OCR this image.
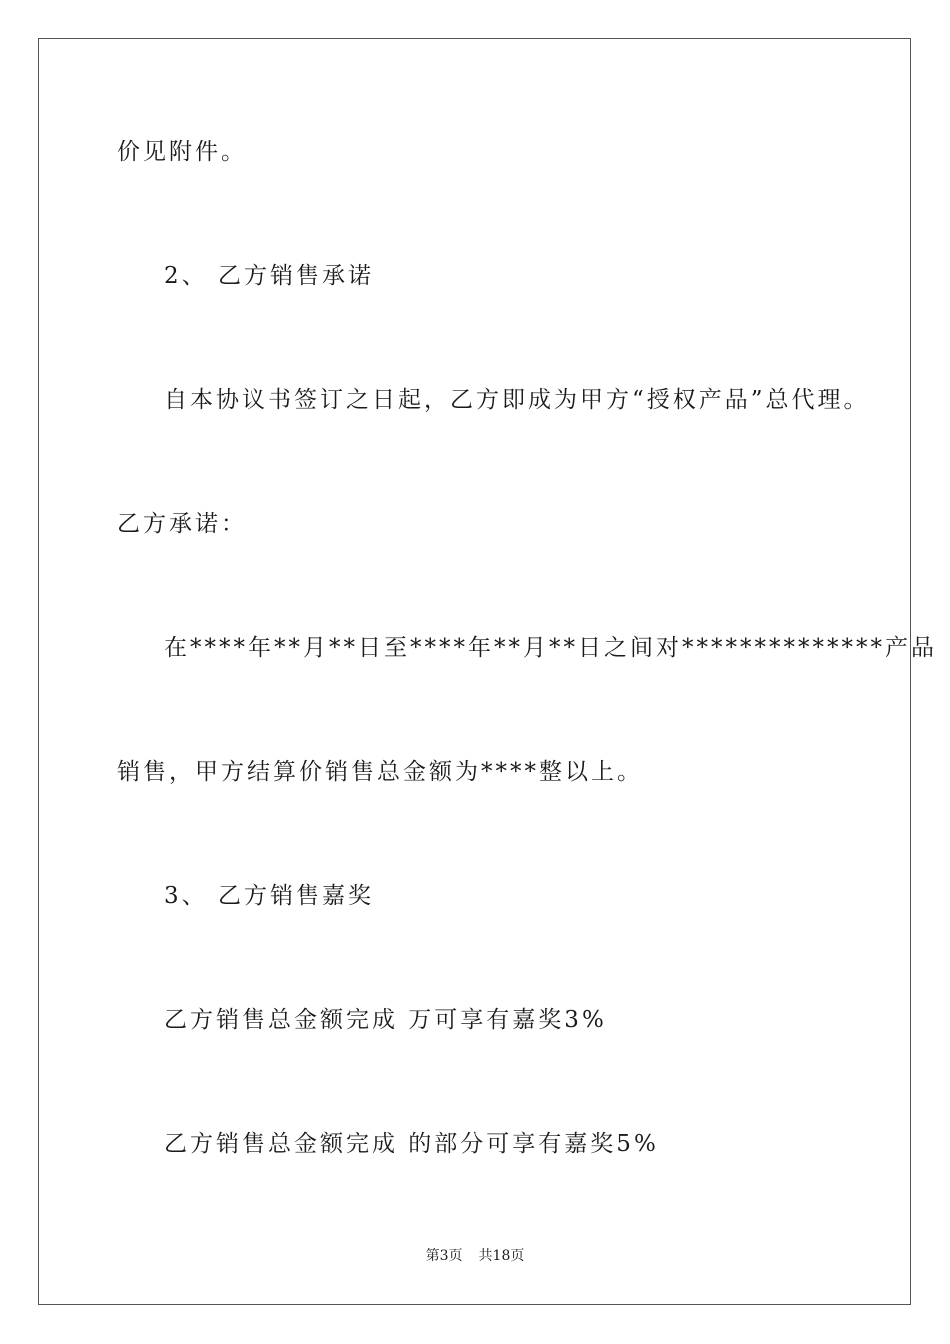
价见附件。
2、 乙方销售承诺
自本协议书签订之日起，乙方即成为甲方“授权产品”总代理。
乙方承诺：
在****年**月**日至****年**月**日之间对**************产品
销售，甲方结算价销售总金额为****整以上。
3、 乙方销售嘉奖
乙方销售总金额完成 万可享有嘉奖3%
乙方销售总金额完成 的部分可享有嘉奖5%
第3页 共18页
